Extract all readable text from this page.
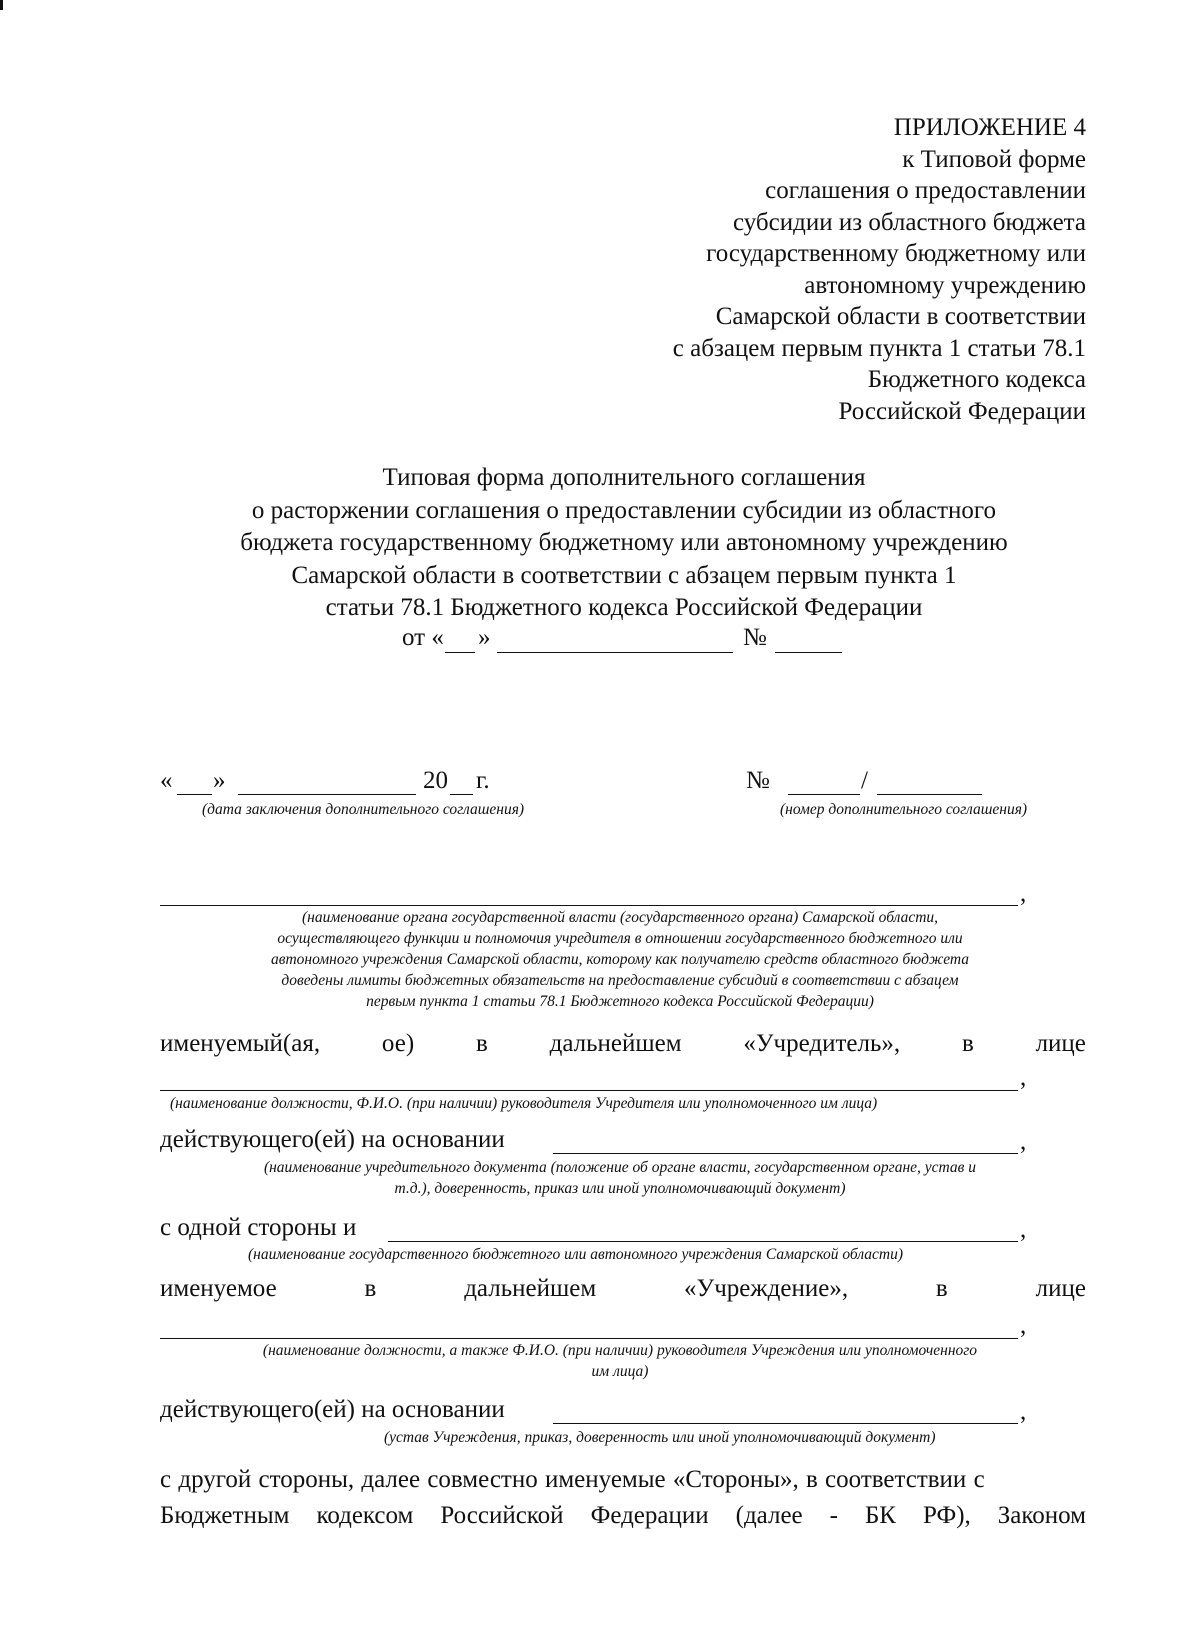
ПРИЛОЖЕНИЕ 4
к Типовой форме
соглашения о предоставлении
субсидии из областного бюджета
государственному бюджетному или
автономному учреждению
Самарской области в соответствии
с абзацем первым пункта 1 статьи 78.1
Бюджетного кодекса
Российской Федерации
Типовая форма дополнительного соглашения
о расторжении соглашения о предоставлении субсидии из областного
бюджета государственному бюджетному или автономному учреждению
Самарской области в соответствии с абзацем первым пункта 1
статьи 78.1 Бюджетного кодекса Российской Федерации
от « »	№
« »	20 г.	№	/
(дата заключения дополнительного соглашения)	(номер дополнительного соглашения)
,
(наименование органа государственной власти (государственного органа) Самарской области,
осуществляющего функции и полномочия учредителя в отношении государственного бюджетного или
автономного учреждения Самарской области, которому как получателю средств областного бюджета
доведены лимиты бюджетных обязательств на предоставление субсидий в соответствии с абзацем
первым пункта 1 статьи 78.1 Бюджетного кодекса Российской Федерации)
именуемый(ая, ое) в дальнейшем «Учредитель», в лице
,
(наименование должности, Ф.И.О. (при наличии) руководителя Учредителя или уполномоченного им лица)
действующего(ей) на основании	,
(наименование учредительного документа (положение об органе власти, государственном органе, устав и
т.д.), доверенность, приказ или иной уполномочивающий документ)
с одной стороны и	,
(наименование государственного бюджетного или автономного учреждения Самарской области)
именуемое	в	дальнейшем	«Учреждение»,	в	лице
,
(наименование должности, а также Ф.И.О. (при наличии) руководителя Учреждения или уполномоченного
им лица)
действующего(ей) на основании	,
(устав Учреждения, приказ, доверенность или иной уполномочивающий документ)
с другой стороны, далее совместно именуемые «Стороны», в соответствии с
Бюджетным кодексом Российской Федерации (далее - БК РФ), Законом
